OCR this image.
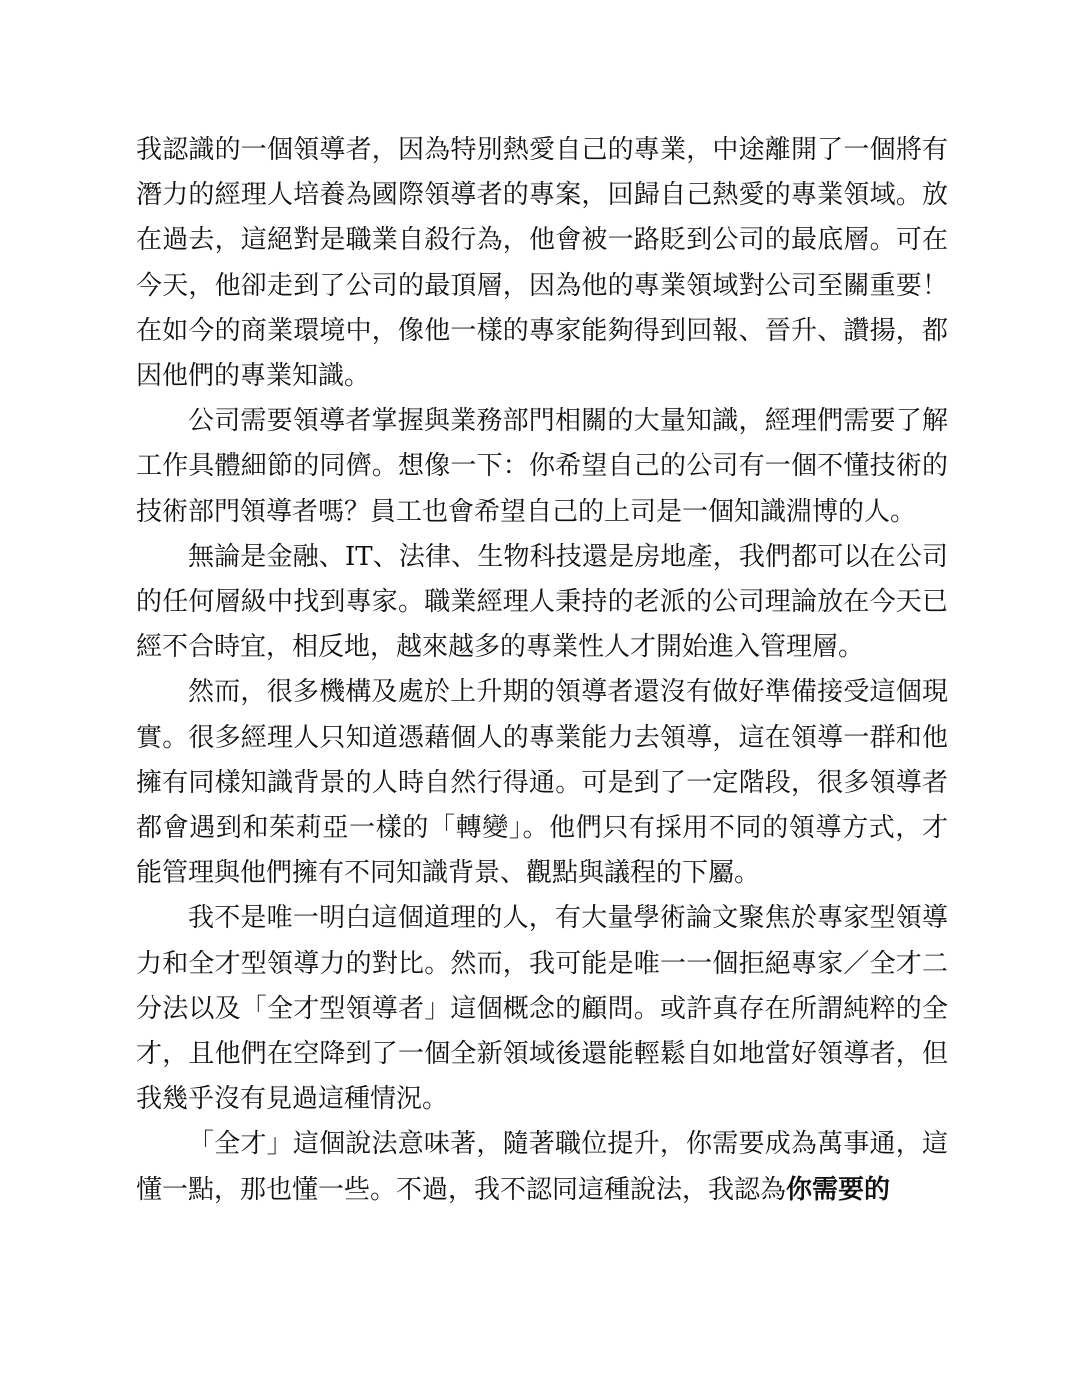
我認識的一個領導者，因為特別熱愛自己的專業，中途離開了一個將有潛力的經理人培養為國際領導者的專案，回歸自己熱愛的專業領域。放在過去，這絕對是職業自殺行為，他會被一路貶到公司的最底層。可在今天，他卻走到了公司的最頂層，因為他的專業領域對公司至關重要！在如今的商業環境中，像他一樣的專家能夠得到回報、晉升、讚揚，都因他們的專業知識。

公司需要領導者掌握與業務部門相關的大量知識，經理們需要了解工作具體細節的同儕。想像一下：你希望自己的公司有一個不懂技術的技術部門領導者嗎？員工也會希望自己的上司是一個知識淵博的人。

無論是金融、IT、法律、生物科技還是房地產，我們都可以在公司的任何層級中找到專家。職業經理人秉持的老派的公司理論放在今天已經不合時宜，相反地，越來越多的專業性人才開始進入管理層。

然而，很多機構及處於上升期的領導者還沒有做好準備接受這個現實。很多經理人只知道憑藉個人的專業能力去領導，這在領導一群和他擁有同樣知識背景的人時自然行得通。可是到了一定階段，很多領導者都會遇到和茱莉亞一樣的「轉變」。他們只有採用不同的領導方式，才能管理與他們擁有不同知識背景、觀點與議程的下屬。

我不是唯一明白這個道理的人，有大量學術論文聚焦於專家型領導力和全才型領導力的對比。然而，我可能是唯一一個拒絕專家／全才二分法以及「全才型領導者」這個概念的顧問。或許真存在所謂純粹的全才，且他們在空降到了一個全新領域後還能輕鬆自如地當好領導者，但我幾乎沒有見過這種情況。

「全才」這個說法意味著，隨著職位提升，你需要成為萬事通，這懂一點，那也懂一些。不過，我不認同這種說法，我認為你需要的
